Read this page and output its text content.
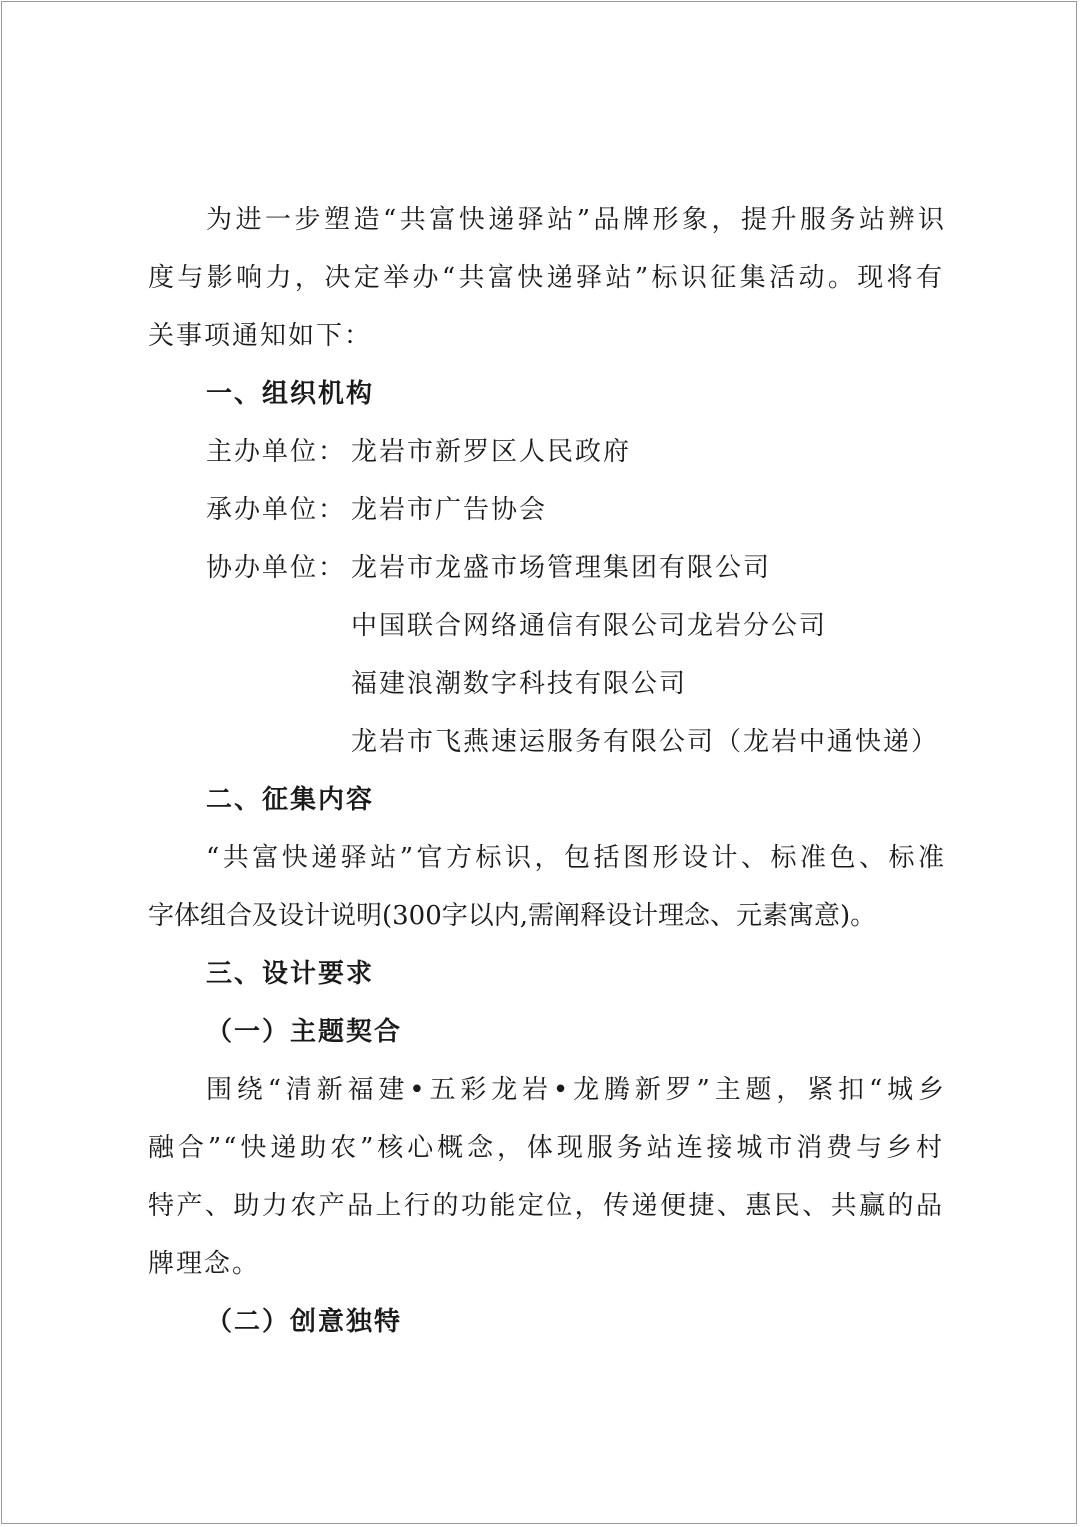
为进一步塑造“共富快递驿站”品牌形象，提升服务站辨识
度与影响力，决定举办“共富快递驿站”标识征集活动。现将有
关事项通知如下：
一、组织机构
主办单位： 龙岩市新罗区人民政府
承办单位： 龙岩市广告协会
协办单位： 龙岩市龙盛市场管理集团有限公司
中国联合网络通信有限公司龙岩分公司
福建浪潮数字科技有限公司
龙岩市飞燕速运服务有限公司（龙岩中通快递）
二、征集内容
“共富快递驿站”官方标识，包括图形设计、标准色、标准
字体组合及设计说明(300字以内,需阐释设计理念、元素寓意)。
三、设计要求
（一）主题契合
围绕“清新福建•五彩龙岩•龙腾新罗”主题，紧扣“城乡
融合”“快递助农”核心概念，体现服务站连接城市消费与乡村
特产、助力农产品上行的功能定位，传递便捷、惠民、共赢的品
牌理念。
（二）创意独特
